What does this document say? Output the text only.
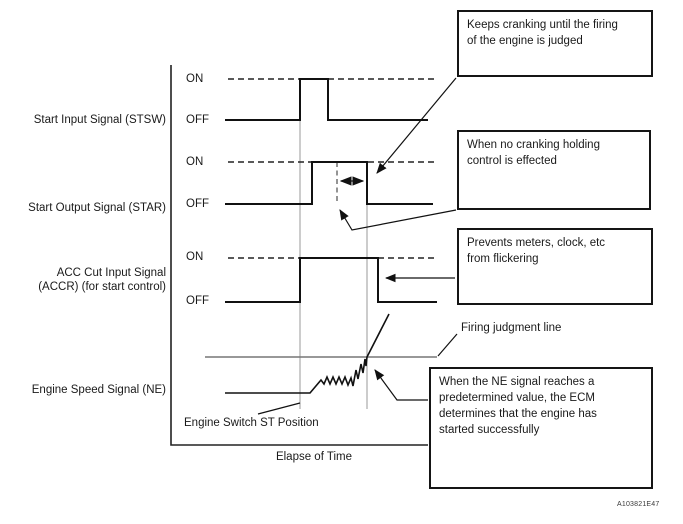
Start Input Signal (STSW)
Start Output Signal (STAR)
ACC Cut Input Signal
(ACCR) (for start control)
Engine Speed Signal (NE)
ON
OFF
ON
OFF
ON
OFF
Keeps cranking until the firing
of the engine is judged
When no cranking holding
control is effected
Prevents meters, clock, etc
from flickering
When the NE signal reaches a
predetermined value, the ECM
determines that the engine has
started successfully
Firing judgment line
Engine Switch ST Position
Elapse of Time
A103821E47
